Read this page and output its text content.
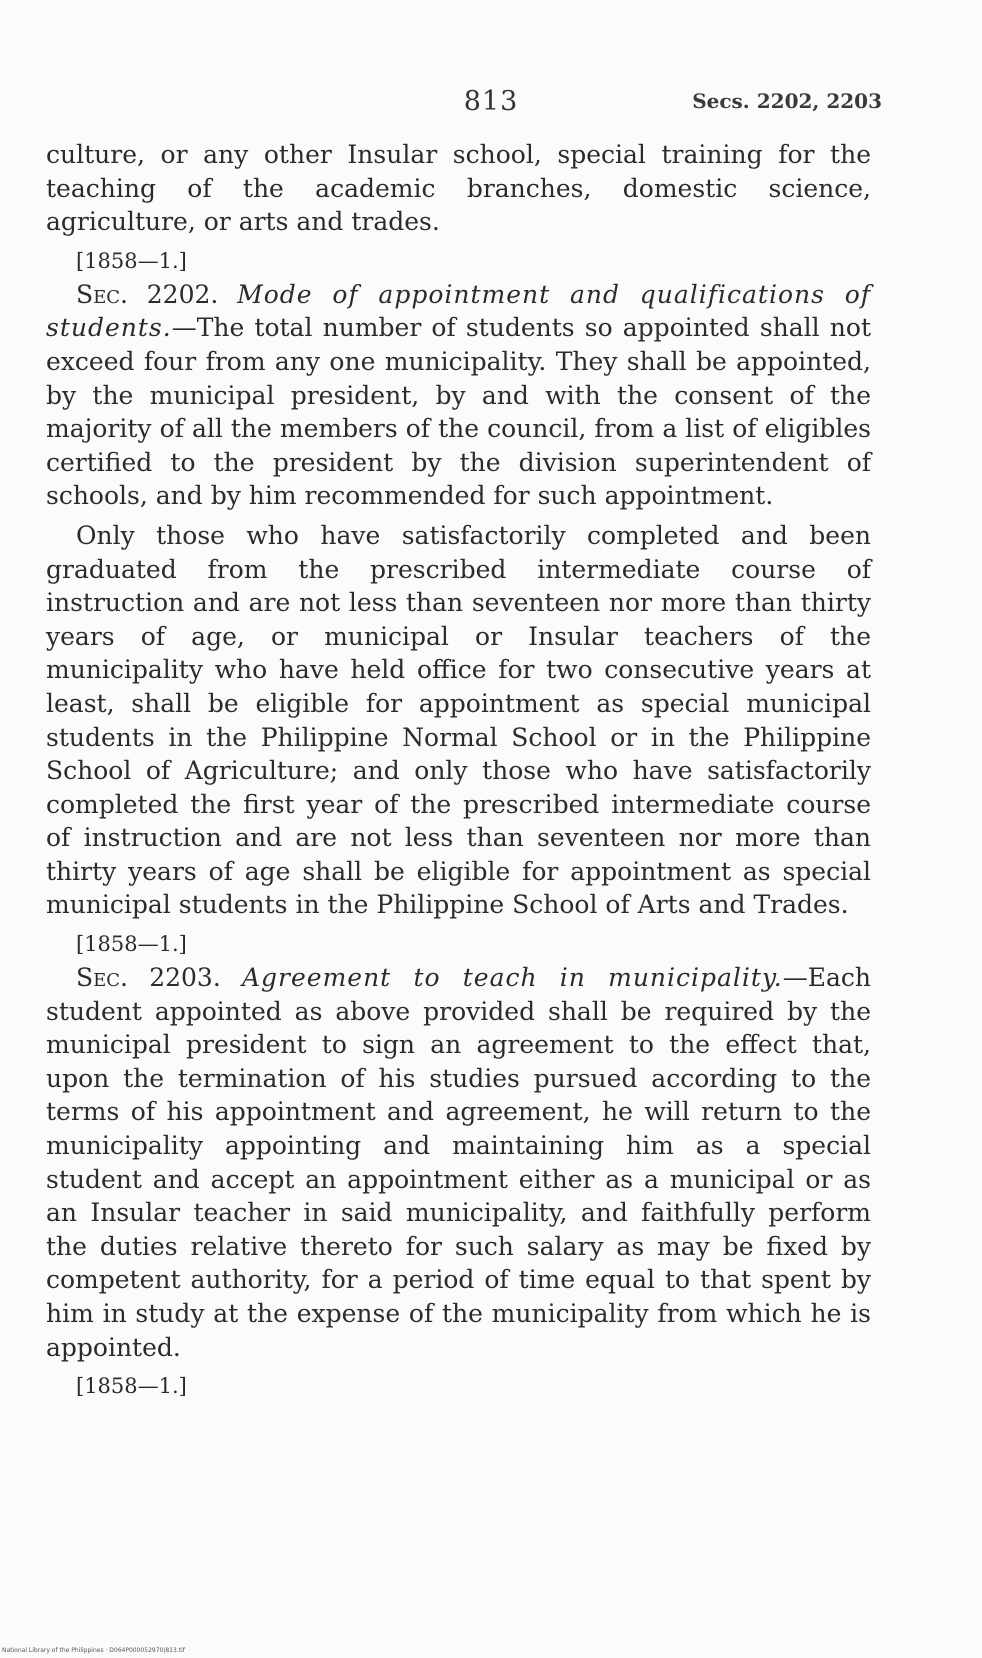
813	Secs. 2202, 2203

culture, or any other Insular school, special training for the teaching of the academic branches, domestic science, agriculture, or arts and trades.

[1858—1.]

Sec. 2202. Mode of appointment and qualifications of students.—The total number of students so appointed shall not exceed four from any one municipality. They shall be appointed, by the municipal president, by and with the consent of the majority of all the members of the council, from a list of eligibles certified to the president by the division superintendent of schools, and by him recommended for such appointment.

Only those who have satisfactorily completed and been graduated from the prescribed intermediate course of instruction and are not less than seventeen nor more than thirty years of age, or municipal or Insular teachers of the municipality who have held office for two consecutive years at least, shall be eligible for appointment as special municipal students in the Philippine Normal School or in the Philippine School of Agriculture; and only those who have satisfactorily completed the first year of the prescribed intermediate course of instruction and are not less than seventeen nor more than thirty years of age shall be eligible for appointment as special municipal students in the Philippine School of Arts and Trades.

[1858—1.]

Sec. 2203. Agreement to teach in municipality.—Each student appointed as above provided shall be required by the municipal president to sign an agreement to the effect that, upon the termination of his studies pursued according to the terms of his appointment and agreement, he will return to the municipality appointing and maintaining him as a special student and accept an appointment either as a municipal or as an Insular teacher in said municipality, and faithfully perform the duties relative thereto for such salary as may be fixed by competent authority, for a period of time equal to that spent by him in study at the expense of the municipality from which he is appointed.

[1858—1.]

National Library of the Philippines · D064P000052970|813.tif
